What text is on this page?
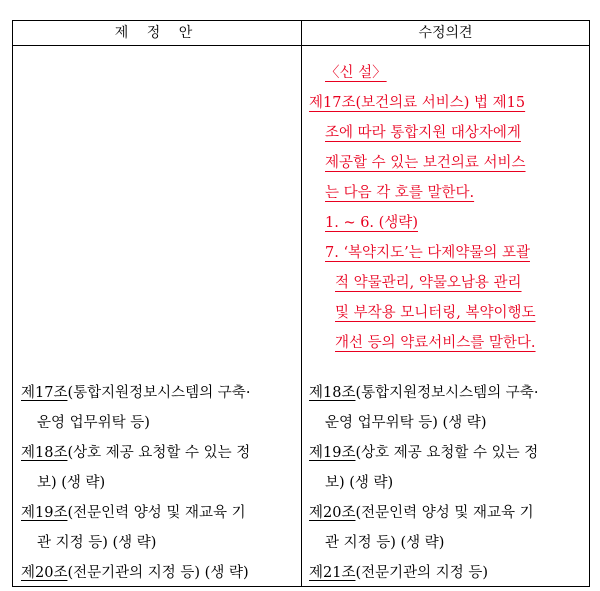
제 정 안	수정의견
〈신 설〉
제17조(보건의료 서비스) 법 제15
조에 따라 통합지원 대상자에게
제공할 수 있는 보건의료 서비스
는 다음 각 호를 말한다.
1. ~ 6. (생략)
7. ‘복약지도’는 다제약물의 포괄
적 약물관리, 약물오남용 관리
및 부작용 모니터링, 복약이행도
개선 등의 약료서비스를 말한다.
제17조(통합지원정보시스템의 구축·
운영 업무위탁 등)
제18조(상호 제공 요청할 수 있는 정
보) (생 략)
제19조(전문인력 양성 및 재교육 기
관 지정 등) (생 략)
제20조(전문기관의 지정 등) (생 략)
제18조(통합지원정보시스템의 구축·
운영 업무위탁 등) (생 략)
제19조(상호 제공 요청할 수 있는 정
보) (생 략)
제20조(전문인력 양성 및 재교육 기
관 지정 등) (생 략)
제21조(전문기관의 지정 등)
